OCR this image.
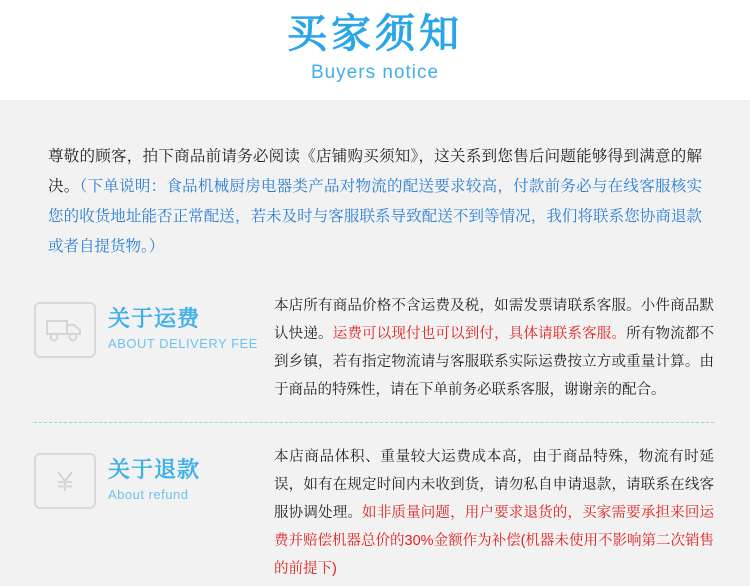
买家须知
Buyers notice
尊敬的顾客，拍下商品前请务必阅读《店铺购买须知》，这关系到您售后问题能够得到满意的解决。（下单说明：食品机械厨房电器类产品对物流的配送要求较高，付款前务必与在线客服核实您的收货地址能否正常配送，若未及时与客服联系导致配送不到等情况，我们将联系您协商退款或者自提货物。）
关于运费
ABOUT DELIVERY FEE
本店所有商品价格不含运费及税，如需发票请联系客服。小件商品默认快递。运费可以现付也可以到付，具体请联系客服。所有物流都不到乡镇，若有指定物流请与客服联系实际运费按立方或重量计算。由于商品的特殊性，请在下单前务必联系客服，谢谢亲的配合。
关于退款
About refund
本店商品体积、重量较大运费成本高，由于商品特殊，物流有时延误，如有在规定时间内未收到货，请勿私自申请退款，请联系在线客服协调处理。如非质量问题，用户要求退货的，买家需要承担来回运费并赔偿机器总价的30%金额作为补偿(机器未使用不影响第二次销售的前提下)
